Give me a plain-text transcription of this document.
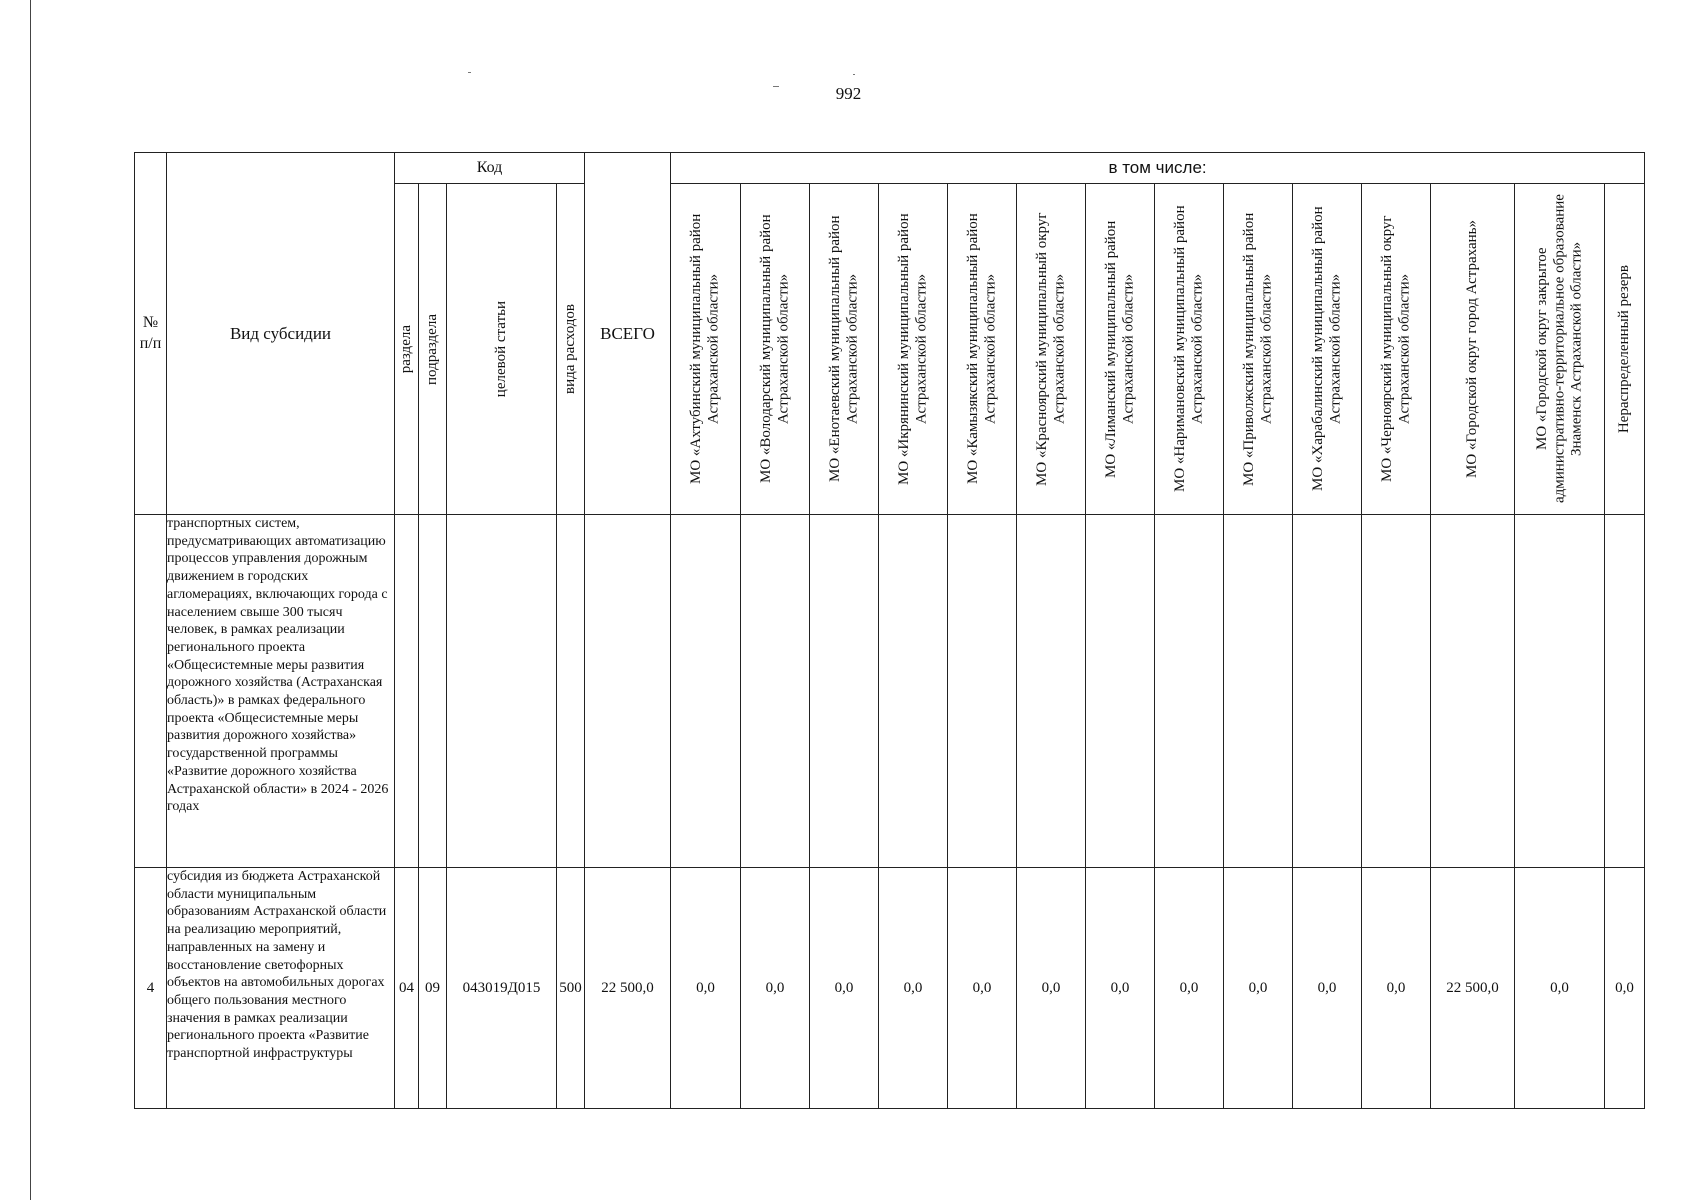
992
№ п/п	Вид субсидии	Код				ВСЕГО	в том числе:													

		раздела	подраздела	целевой статьи	вида расходов		МО «Ахтубинский муниципальный район Астраханской области»	МО «Володарский муниципальный район Астраханской области»	МО «Енотаевский муниципальный район Астраханской области»	МО «Икрянинский муниципальный район Астраханской области»	МО «Камызякский муниципальный район Астраханской области»	МО «Красноярский муниципальный округ Астраханской области»	МО «Лиманский муниципальный район Астраханской области»	МО «Наримановский муниципальный район Астраханской области»	МО «Приволжский муниципальный район Астраханской области»	МО «Харабалинский муниципальный район Астраханской области»	МО «Черноярский муниципальный округ Астраханской области»	МО «Городской округ город Астрахань»	МО «Городской округ закрытое административно-территориальное образование Знаменск Астраханской области»	Нераспределенный резерв

	транспортных систем, предусматривающих автоматизацию процессов управления дорожным движением в городских агломерациях, включающих города с населением свыше 300 тысяч человек, в рамках реализации регионального проекта «Общесистемные меры развития дорожного хозяйства (Астраханская область)» в рамках федерального проекта «Общесистемные меры развития дорожного хозяйства» государственной программы «Развитие дорожного хозяйства Астраханской области» в 2024 - 2026 годах																			
4	субсидия из бюджета Астраханской области муниципальным образованиям Астраханской области на реализацию мероприятий, направленных на замену и восстановление светофорных объектов на автомобильных дорогах общего пользования местного значения в рамках реализации регионального проекта «Развитие транспортной инфраструктуры	04	09	043019Д015	500	22 500,0	0,0	0,0	0,0	0,0	0,0	0,0	0,0	0,0	0,0	0,0	0,0	22 500,0	0,0	0,0
